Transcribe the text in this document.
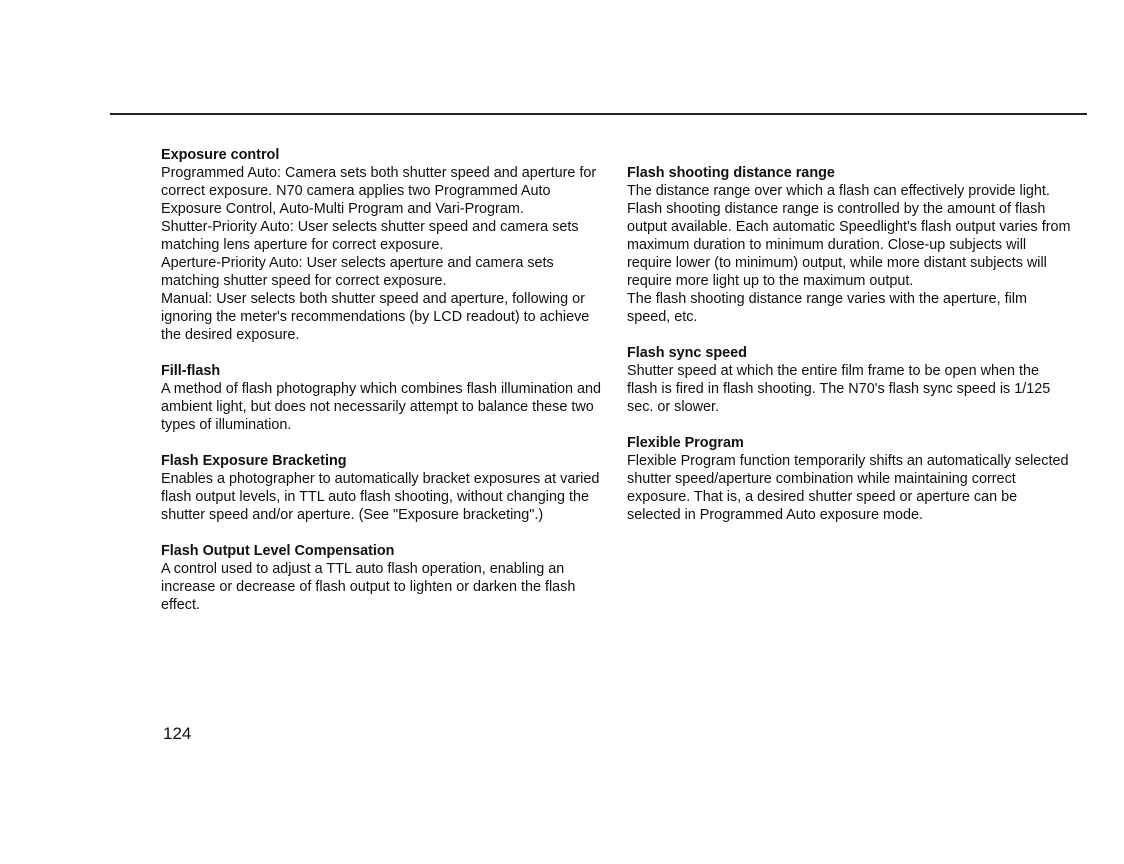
Exposure control

Programmed Auto: Camera sets both shutter speed and aperture for correct exposure. N70 camera applies two Programmed Auto Exposure Control, Auto-Multi Program and Vari-Program.

Shutter-Priority Auto: User selects shutter speed and camera sets matching lens aperture for correct exposure.

Aperture-Priority Auto: User selects aperture and camera sets matching shutter speed for correct exposure.

Manual: User selects both shutter speed and aperture, following or ignoring the meter's recommendations (by LCD readout) to achieve the desired exposure.

Fill-flash

A method of flash photography which combines flash illumination and ambient light, but does not necessarily attempt to balance these two types of illumination.

Flash Exposure Bracketing

Enables a photographer to automatically bracket exposures at varied flash output levels, in TTL auto flash shooting, without changing the shutter speed and/or aperture. (See "Exposure bracketing".)

Flash Output Level Compensation

A control used to adjust a TTL auto flash operation, enabling an increase or decrease of flash output to lighten or darken the flash effect.

Flash shooting distance range

The distance range over which a flash can effectively provide light. Flash shooting distance range is controlled by the amount of flash output available. Each automatic Speedlight's flash output varies from maximum duration to minimum duration. Close-up subjects will require lower (to minimum) output, while more distant subjects will require more light up to the maximum output.

The flash shooting distance range varies with the aperture, film speed, etc.

Flash sync speed

Shutter speed at which the entire film frame to be open when the flash is fired in flash shooting. The N70's flash sync speed is 1/125 sec. or slower.

Flexible Program

Flexible Program function temporarily shifts an automatically selected shutter speed/aperture combination while maintaining correct exposure. That is, a desired shutter speed or aperture can be selected in Programmed Auto exposure mode.

124
